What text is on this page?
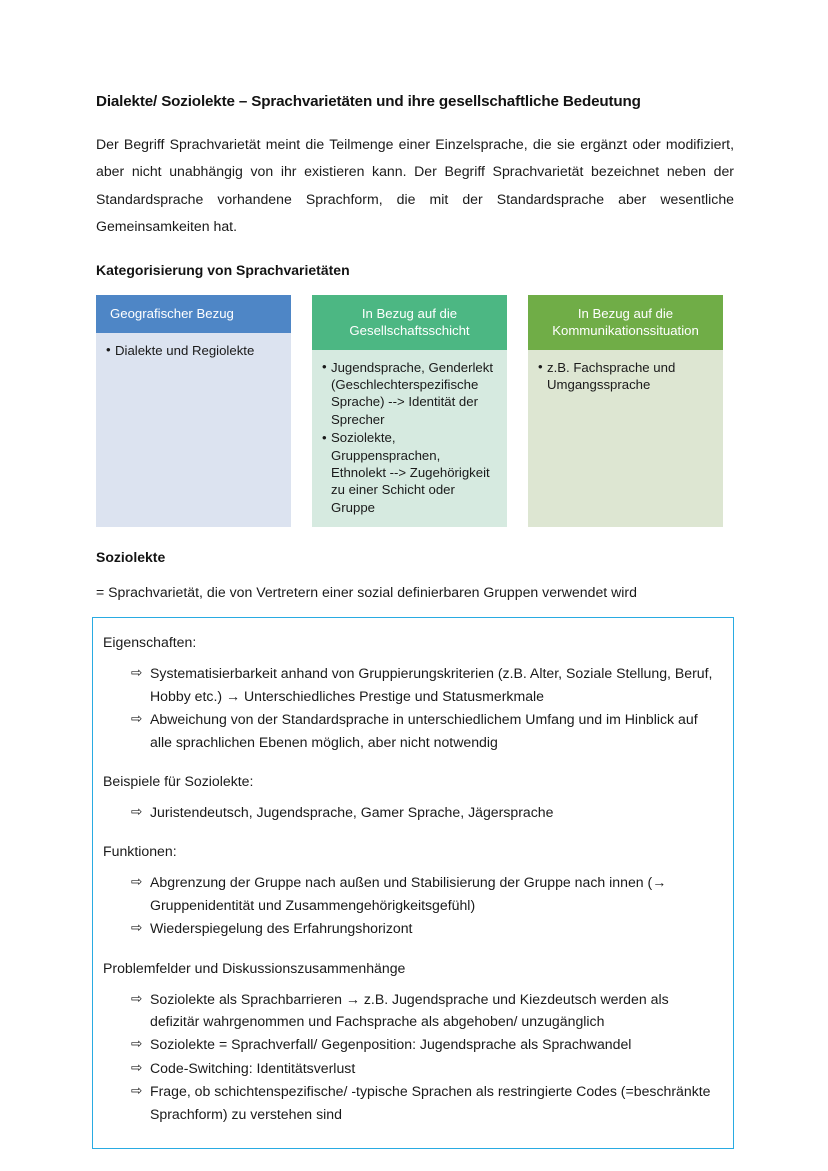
Dialekte/ Soziolekte – Sprachvarietäten und ihre gesellschaftliche Bedeutung

Der Begriff Sprachvarietät meint die Teilmenge einer Einzelsprache, die sie ergänzt oder modifiziert, aber nicht unabhängig von ihr existieren kann. Der Begriff Sprachvarietät bezeichnet neben der Standardsprache vorhandene Sprachform, die mit der Standardsprache aber wesentliche Gemeinsamkeiten hat.

Kategorisierung von Sprachvarietäten
Geografischer Bezug
• Dialekte und Regiolekte
In Bezug auf die Gesellschaftsschicht
• Jugendsprache, Genderlekt (Geschlechterspezifische Sprache) --> Identität der Sprecher
• Soziolekte, Gruppensprachen, Ethnolekt --> Zugehörigkeit zu einer Schicht oder Gruppe
In Bezug auf die Kommunikationssituation
• z.B. Fachsprache und Umgangssprache
Soziolekte

= Sprachvarietät, die von Vertretern einer sozial definierbaren Gruppen verwendet wird

Eigenschaften:
⇨ Systematisierbarkeit anhand von Gruppierungskriterien (z.B. Alter, Soziale Stellung, Beruf, Hobby etc.) → Unterschiedliches Prestige und Statusmerkmale
⇨ Abweichung von der Standardsprache in unterschiedlichem Umfang und im Hinblick auf alle sprachlichen Ebenen möglich, aber nicht notwendig
Beispiele für Soziolekte:
⇨ Juristendeutsch, Jugendsprache, Gamer Sprache, Jägersprache
Funktionen:
⇨ Abgrenzung der Gruppe nach außen und Stabilisierung der Gruppe nach innen (→ Gruppenidentität und Zusammengehörigkeitsgefühl)
⇨ Wiederspiegelung des Erfahrungshorizont
Problemfelder und Diskussionszusammenhänge
⇨ Soziolekte als Sprachbarrieren → z.B. Jugendsprache und Kiezdeutsch werden als defizitär wahrgenommen und Fachsprache als abgehoben/ unzugänglich
⇨ Soziolekte = Sprachverfall/ Gegenposition: Jugendsprache als Sprachwandel
⇨ Code-Switching: Identitätsverlust
⇨ Frage, ob schichtenspezifische/ -typische Sprachen als restringierte Codes (=beschränkte Sprachform) zu verstehen sind
